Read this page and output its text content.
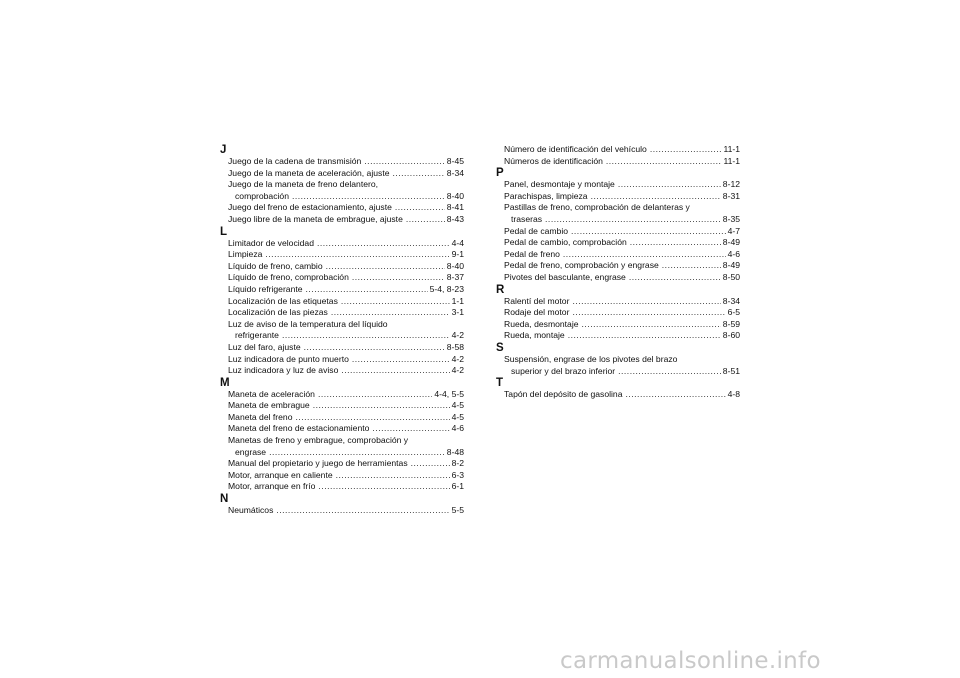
J
Juego de la cadena de transmisión .....	8-45
Juego de la maneta de aceleración, ajuste .....	8-34
Juego de la maneta de freno delantero,
comprobación .....	8-40
Juego del freno de estacionamiento, ajuste .....	8-41
Juego libre de la maneta de embrague, ajuste .....	8-43
L
Limitador de velocidad .....	4-4
Limpieza .....	9-1
Líquido de freno, cambio .....	8-40
Líquido de freno, comprobación .....	8-37
Líquido refrigerante .....	5-4, 8-23
Localización de las etiquetas .....	1-1
Localización de las piezas .....	3-1
Luz de aviso de la temperatura del líquido
refrigerante .....	4-2
Luz del faro, ajuste .....	8-58
Luz indicadora de punto muerto .....	4-2
Luz indicadora y luz de aviso .....	4-2
M
Maneta de aceleración .....	4-4, 5-5
Maneta de embrague .....	4-5
Maneta del freno .....	4-5
Maneta del freno de estacionamiento .....	4-6
Manetas de freno y embrague, comprobación y
engrase .....	8-48
Manual del propietario y juego de herramientas .....	8-2
Motor, arranque en caliente .....	6-3
Motor, arranque en frío .....	6-1
N
Neumáticos .....	5-5
Número de identificación del vehículo .....	11-1
Números de identificación .....	11-1
P
Panel, desmontaje y montaje .....	8-12
Parachispas, limpieza .....	8-31
Pastillas de freno, comprobación de delanteras y
traseras .....	8-35
Pedal de cambio .....	4-7
Pedal de cambio, comprobación .....	8-49
Pedal de freno .....	4-6
Pedal de freno, comprobación y engrase .....	8-49
Pivotes del basculante, engrase .....	8-50
R
Ralentí del motor .....	8-34
Rodaje del motor .....	6-5
Rueda, desmontaje .....	8-59
Rueda, montaje .....	8-60
S
Suspensión, engrase de los pivotes del brazo
superior y del brazo inferior .....	8-51
T
Tapón del depósito de gasolina .....	4-8
carmanualsonline.info
